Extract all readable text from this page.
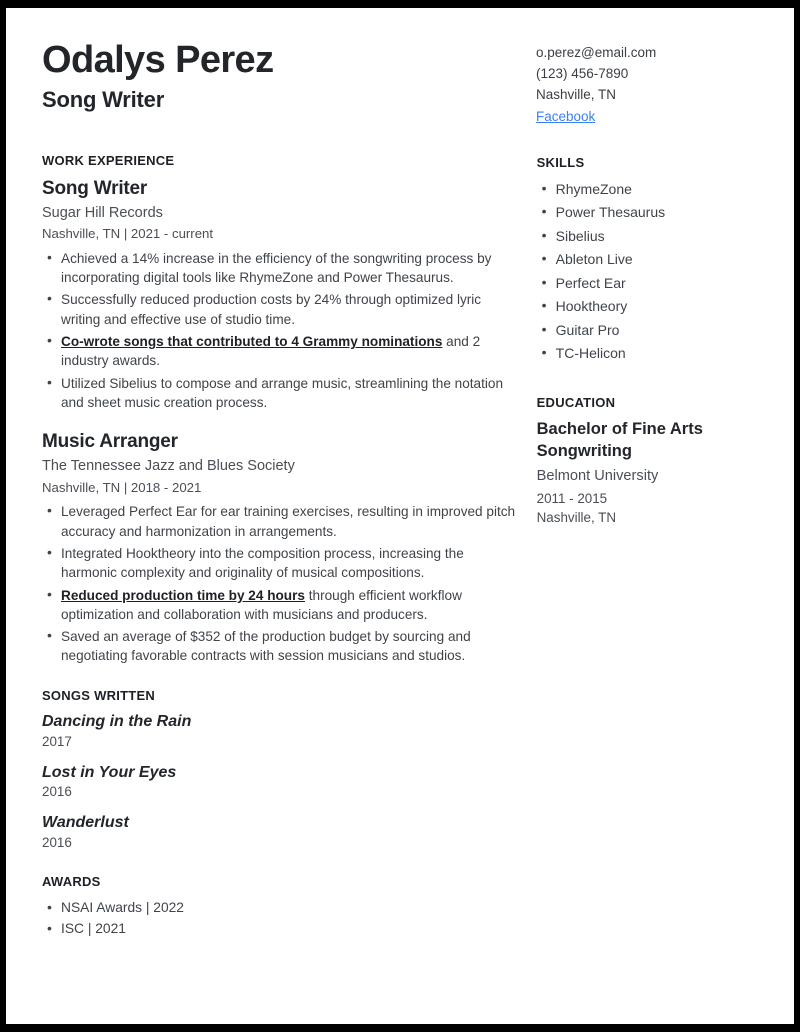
Odalys Perez
Song Writer
o.perez@email.com
(123) 456-7890
Nashville, TN
Facebook
WORK EXPERIENCE
Song Writer
Sugar Hill Records
Nashville, TN | 2021 - current
• Achieved a 14% increase in the efficiency of the songwriting process by incorporating digital tools like RhymeZone and Power Thesaurus.
• Successfully reduced production costs by 24% through optimized lyric writing and effective use of studio time.
• Co-wrote songs that contributed to 4 Grammy nominations and 2 industry awards.
• Utilized Sibelius to compose and arrange music, streamlining the notation and sheet music creation process.
Music Arranger
The Tennessee Jazz and Blues Society
Nashville, TN | 2018 - 2021
• Leveraged Perfect Ear for ear training exercises, resulting in improved pitch accuracy and harmonization in arrangements.
• Integrated Hooktheory into the composition process, increasing the harmonic complexity and originality of musical compositions.
• Reduced production time by 24 hours through efficient workflow optimization and collaboration with musicians and producers.
• Saved an average of $352 of the production budget by sourcing and negotiating favorable contracts with session musicians and studios.
SONGS WRITTEN
Dancing in the Rain
2017
Lost in Your Eyes
2016
Wanderlust
2016
AWARDS
• NSAI Awards | 2022
• ISC | 2021
SKILLS
• RhymeZone
• Power Thesaurus
• Sibelius
• Ableton Live
• Perfect Ear
• Hooktheory
• Guitar Pro
• TC-Helicon
EDUCATION
Bachelor of Fine Arts
Songwriting
Belmont University
2011 - 2015
Nashville, TN
